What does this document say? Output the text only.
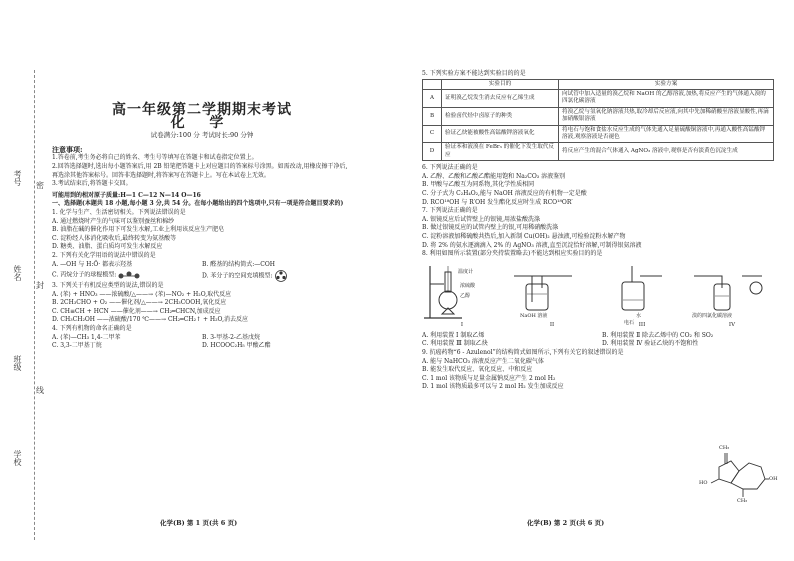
考号
姓名
班级
学校
密
封
线
高一年级第二学期期末考试
化 学
试卷满分:100 分 考试时长:90 分钟
注意事项:
1.答卷前,考生务必将自己的姓名、考生号等填写在答题卡和试卷指定位置上。
2.回答选择题时,选出每小题答案后,用 2B 铅笔把答题卡上对应题目的答案标号涂黑。如需改动,用橡皮擦干净后,再选涂其他答案标号。回答非选择题时,将答案写在答题卡上。写在本试卷上无效。
3.考试结束后,将答题卡交回。
可能用到的相对原子质量:H—1 C—12 N—14 O—16
一、选择题(本题共 18 小题,每小题 3 分,共 54 分。在每小题给出的四个选项中,只有一项是符合题目要求的)
1. 化学与生产、生活密切相关。下列说法错误的是
A. 通过燃烧时产生的气味可以鉴别蚕丝和棉纱
B. 油脂在碱的催化作用下可发生水解,工业上利用该反应生产肥皂
C. 淀粉经人体消化吸收后,最终转变为氨基酸等
D. 糖类、油脂、蛋白质均可发生水解反应
2. 下列有关化学用语的说法中错误的是
A. —OH 与 H:Ö· 都表示羟基	B. 醛基的结构简式:—COH
C. 丙烷分子的球棍模型:	D. 苯分子的空间充填模型:
3. 下列关于有机反应类型的说法,错误的是
A. ⟨苯⟩ + HNO₃ ——浓硫酸/△——→ ⟨苯⟩—NO₂ + H₂O,取代反应
B. 2CH₃CHO + O₂ ——催化剂/△——→ 2CH₃COOH,氧化反应
C. CH≡CH + HCN ——催化剂——→ CH₂═CHCN,加成反应
D. CH₃CH₂OH ——浓硫酸/170 ℃——→ CH₂═CH₂↑ + H₂O,消去反应
4. 下列有机物的命名正确的是
A. ⟨苯⟩—CH₃ 1,4-二甲苯	B. 3-甲基-2-乙基戊烷
C. 3,3-二甲基丁烷	D. HCOOC₂H₅ 甲酸乙酯
化学(B) 第 1 页(共 6 页)
5. 下列实验方案不能达到实验目的的是
	实验目的	实验方案
A	证明溴乙烷发生消去反应有乙烯生成	向试管中加入适量的溴乙烷和 NaOH 的乙醇溶液,加热,将反应产生的气体通入溴的四氯化碳溶液
B	检验卤代烃中卤原子的种类	将溴乙烷与氢氧化钠溶液共热,取冷却后反应液,向其中先加稀硝酸至溶液显酸性,再滴加硝酸银溶液
C	验证乙炔能被酸性高锰酸钾溶液氧化	将电石与饱和食盐水反应生成的气体先通入足量硫酸铜溶液中,再通入酸性高锰酸钾溶液,观察溶液是否褪色
D	验证苯和液溴在 FeBr₃ 的催化下发生取代反应	将反应产生的混合气体通入 AgNO₃ 溶液中,观察是否有淡黄色沉淀生成
6. 下列说法正确的是
A. 乙醇、乙酸和乙酸乙酯能用饱和 Na₂CO₃ 溶液鉴别
B. 甲酸与乙酸互为同系物,其化学性质相同
C. 分子式为 C₂H₄O₂,能与 NaOH 溶液反应的有机物一定是酸
D. RCO¹⁸OH 与 R′OH 发生酯化反应时生成 RCO¹⁸OR′
7. 下列说法正确的是
A. 银镜反应后试管壁上的银镜,用浓盐酸洗涤
B. 做过银镜反应的试管内壁上的银,可用稀硝酸洗涤
C. 淀粉溶液加稀硫酸共热后,加入新制 Cu(OH)₂ 悬浊液,可检验淀粉水解产物
D. 将 2% 的氨水逐滴滴入 2% 的 AgNO₃ 溶液,直至沉淀恰好溶解,可制得银氨溶液
8. 利用如图所示装置(部分夹持装置略去)不能达到相应实验目的的是
温度计
浓硫酸
乙醇
I
NaOH 溶液
II
水
电石 III
溴的四氯化碳溶液
IV
A. 利用装置 Ⅰ 制取乙烯	B. 利用装置 Ⅱ 除去乙烯中的 CO₂ 和 SO₂
C. 利用装置 Ⅲ 制取乙炔	D. 利用装置 Ⅳ 验证乙炔的不饱和性
9. 抗癌药物“6 - Azulenol”的结构简式如图所示,下列有关它的叙述错误的是
A. 能与 NaHCO₃ 溶液反应产生二氧化碳气体
B. 能发生取代反应、氧化反应、中和反应
C. 1 mol 该物质与足量金属钠反应产生 2 mol H₂
D. 1 mol 该物质最多可以与 2 mol H₂ 发生加成反应
CH₃
HO
OH
CH₃
化学(B) 第 2 页(共 6 页)
